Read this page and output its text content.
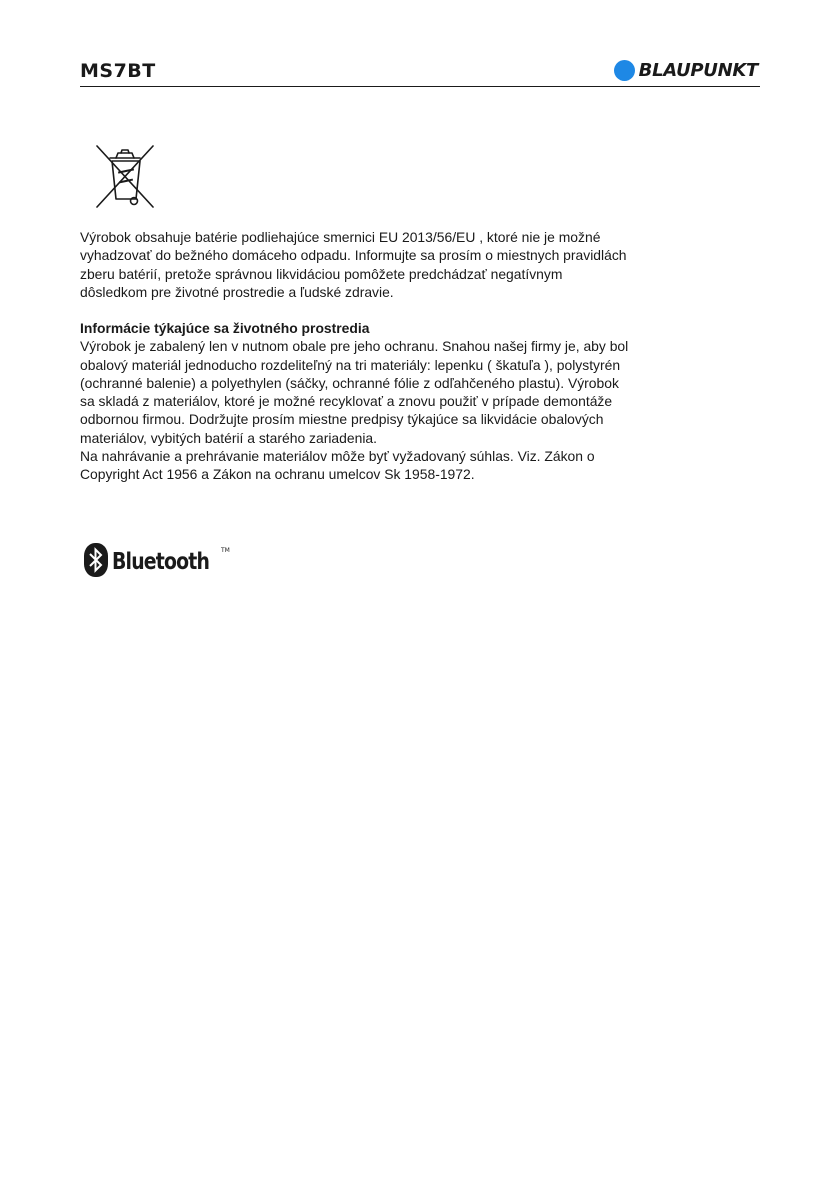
MS7BT	BLAUPUNKT
Výrobok obsahuje batérie podliehajúce smernici EU 2013/56/EU , ktoré nie je možné
vyhadzovať do bežného domáceho odpadu. Informujte sa prosím o miestnych pravidlách
zberu batérií, pretože správnou likvidáciou pomôžete predchádzať negatívnym
dôsledkom pre životné prostredie a ľudské zdravie.
Informácie týkajúce sa životného prostredia
Výrobok je zabalený len v nutnom obale pre jeho ochranu. Snahou našej firmy je, aby bol
obalový materiál jednoducho rozdeliteľný na tri materiály: lepenku ( škatuľa ), polystyrén
(ochranné balenie) a polyethylen (sáčky, ochranné fólie z odľahčeného plastu). Výrobok
sa skladá z materiálov, ktoré je možné recyklovať a znovu použiť v prípade demontáže
odbornou firmou. Dodržujte prosím miestne predpisy týkajúce sa likvidácie obalových
materiálov, vybitých batérií a starého zariadenia.
Na nahrávanie a prehrávanie materiálov môže byť vyžadovaný súhlas. Viz. Zákon o
Copyright Act 1956 a Zákon na ochranu umelcov Sk 1958-1972.
Bluetooth TM
